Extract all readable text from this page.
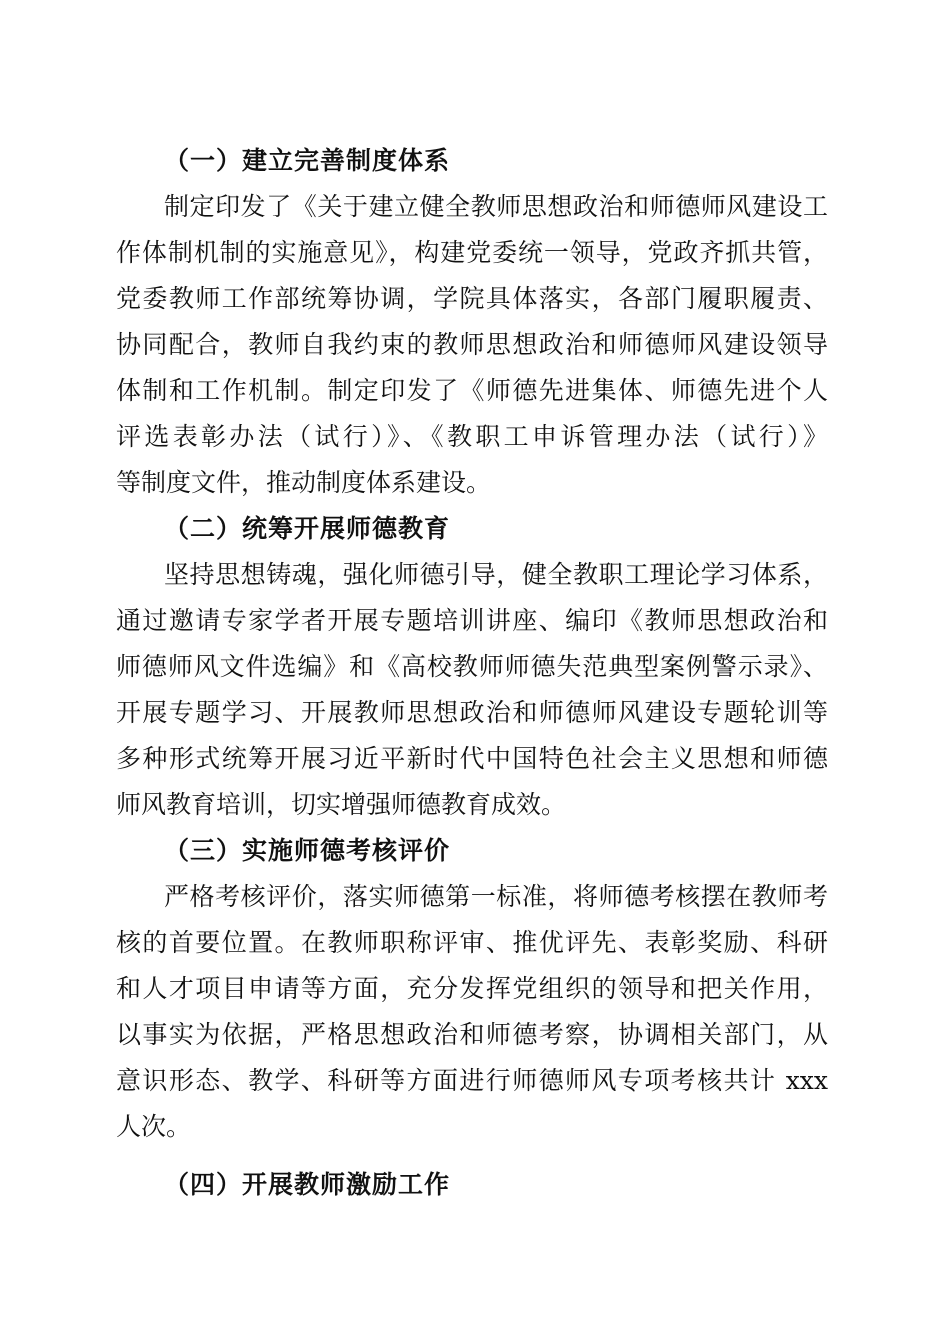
（一）建立完善制度体系
制定印发了《关于建立健全教师思想政治和师德师风建设工
作体制机制的实施意见》，构建党委统一领导，党政齐抓共管，
党委教师工作部统筹协调，学院具体落实，各部门履职履责、
协同配合，教师自我约束的教师思想政治和师德师风建设领导
体制和工作机制。制定印发了《师德先进集体、师德先进个人
评选表彰办法（试行）》、《教职工申诉管理办法（试行）》
等制度文件，推动制度体系建设。
（二）统筹开展师德教育
坚持思想铸魂，强化师德引导，健全教职工理论学习体系，
通过邀请专家学者开展专题培训讲座、编印《教师思想政治和
师德师风文件选编》和《高校教师师德失范典型案例警示录》、
开展专题学习、开展教师思想政治和师德师风建设专题轮训等
多种形式统筹开展习近平新时代中国特色社会主义思想和师德
师风教育培训，切实增强师德教育成效。
（三）实施师德考核评价
严格考核评价，落实师德第一标准，将师德考核摆在教师考
核的首要位置。在教师职称评审、推优评先、表彰奖励、科研
和人才项目申请等方面，充分发挥党组织的领导和把关作用，
以事实为依据，严格思想政治和师德考察，协调相关部门，从
意识形态、教学、科研等方面进行师德师风专项考核共计 xxx
人次。
（四）开展教师激励工作
